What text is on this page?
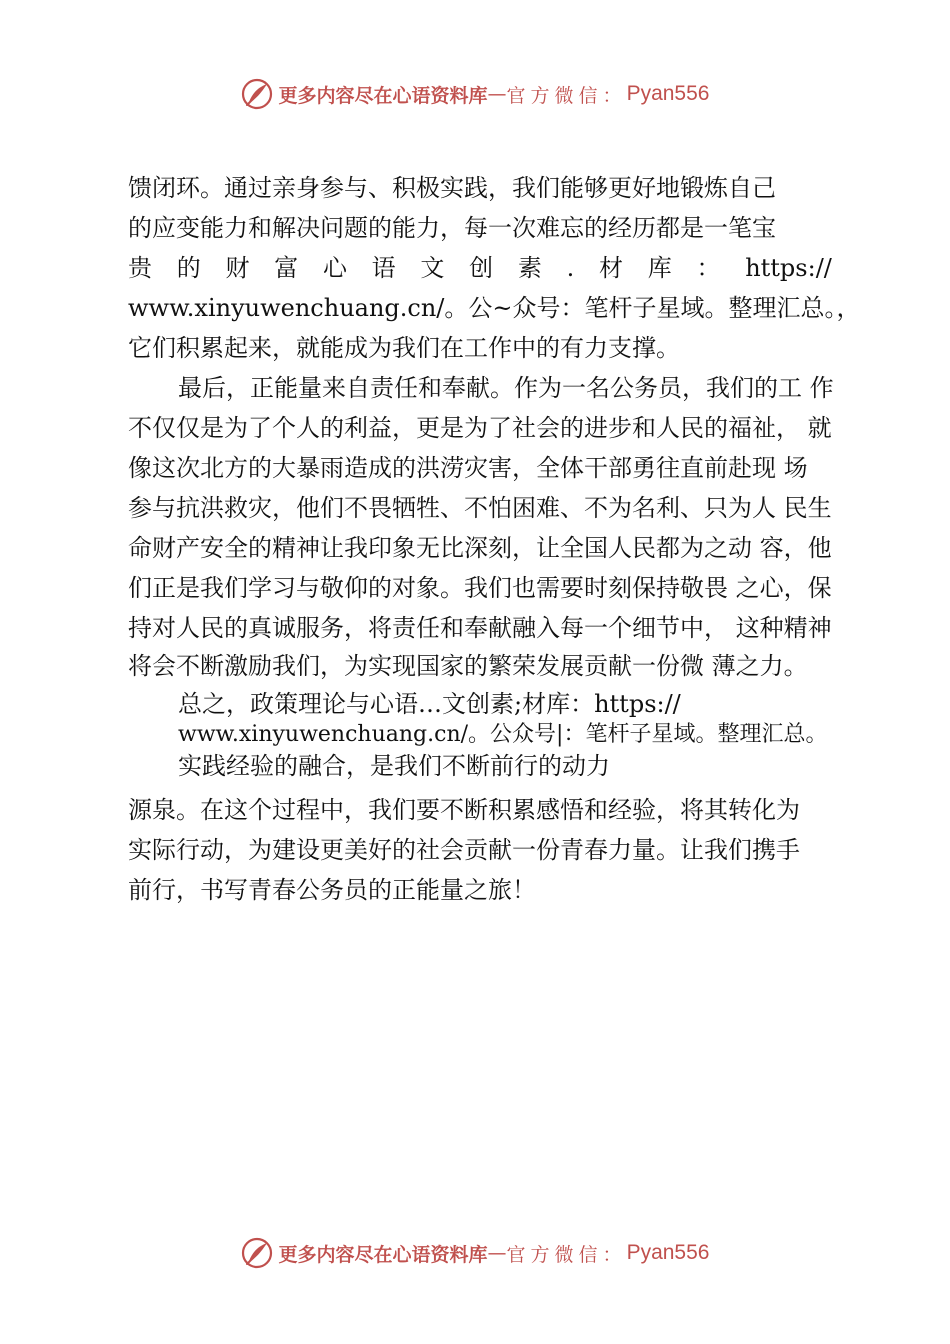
更多内容尽在心语资料库 — 官方微信： Pyan556
馈闭环。通过亲身参与、积极实践，我们能够更好地锻炼自己
的应变能力和解决问题的能力，每一次难忘的经历都是一笔宝
贵 的 财 富 心 语 文 创 素 . 材 库 ： https://
www.xinyuwenchuang.cn/。公~众号：笔杆子星域。整理汇总。，
它们积累起来，就能成为我们在工作中的有力支撑。
最后，正能量来自责任和奉献。作为一名公务员，我们的工 作
不仅仅是为了个人的利益，更是为了社会的进步和人民的福祉， 就
像这次北方的大暴雨造成的洪涝灾害，全体干部勇往直前赴现 场
参与抗洪救灾，他们不畏牺牲、不怕困难、不为名利、只为人 民生
命财产安全的精神让我印象无比深刻，让全国人民都为之动 容，他
们正是我们学习与敬仰的对象。我们也需要时刻保持敬畏 之心，保
持对人民的真诚服务，将责任和奉献融入每一个细节中， 这种精神
将会不断激励我们，为实现国家的繁荣发展贡献一份微 薄之力。
总之，政策理论与心语…文创素;材库：https://
www.xinyuwenchuang.cn/。公众号|：笔杆子星域。整理汇总。
实践经验的融合，是我们不断前行的动力
源泉。在这个过程中，我们要不断积累感悟和经验，将其转化为
实际行动，为建设更美好的社会贡献一份青春力量。让我们携手
前行，书写青春公务员的正能量之旅！
更多内容尽在心语资料库 — 官方微信： Pyan556
